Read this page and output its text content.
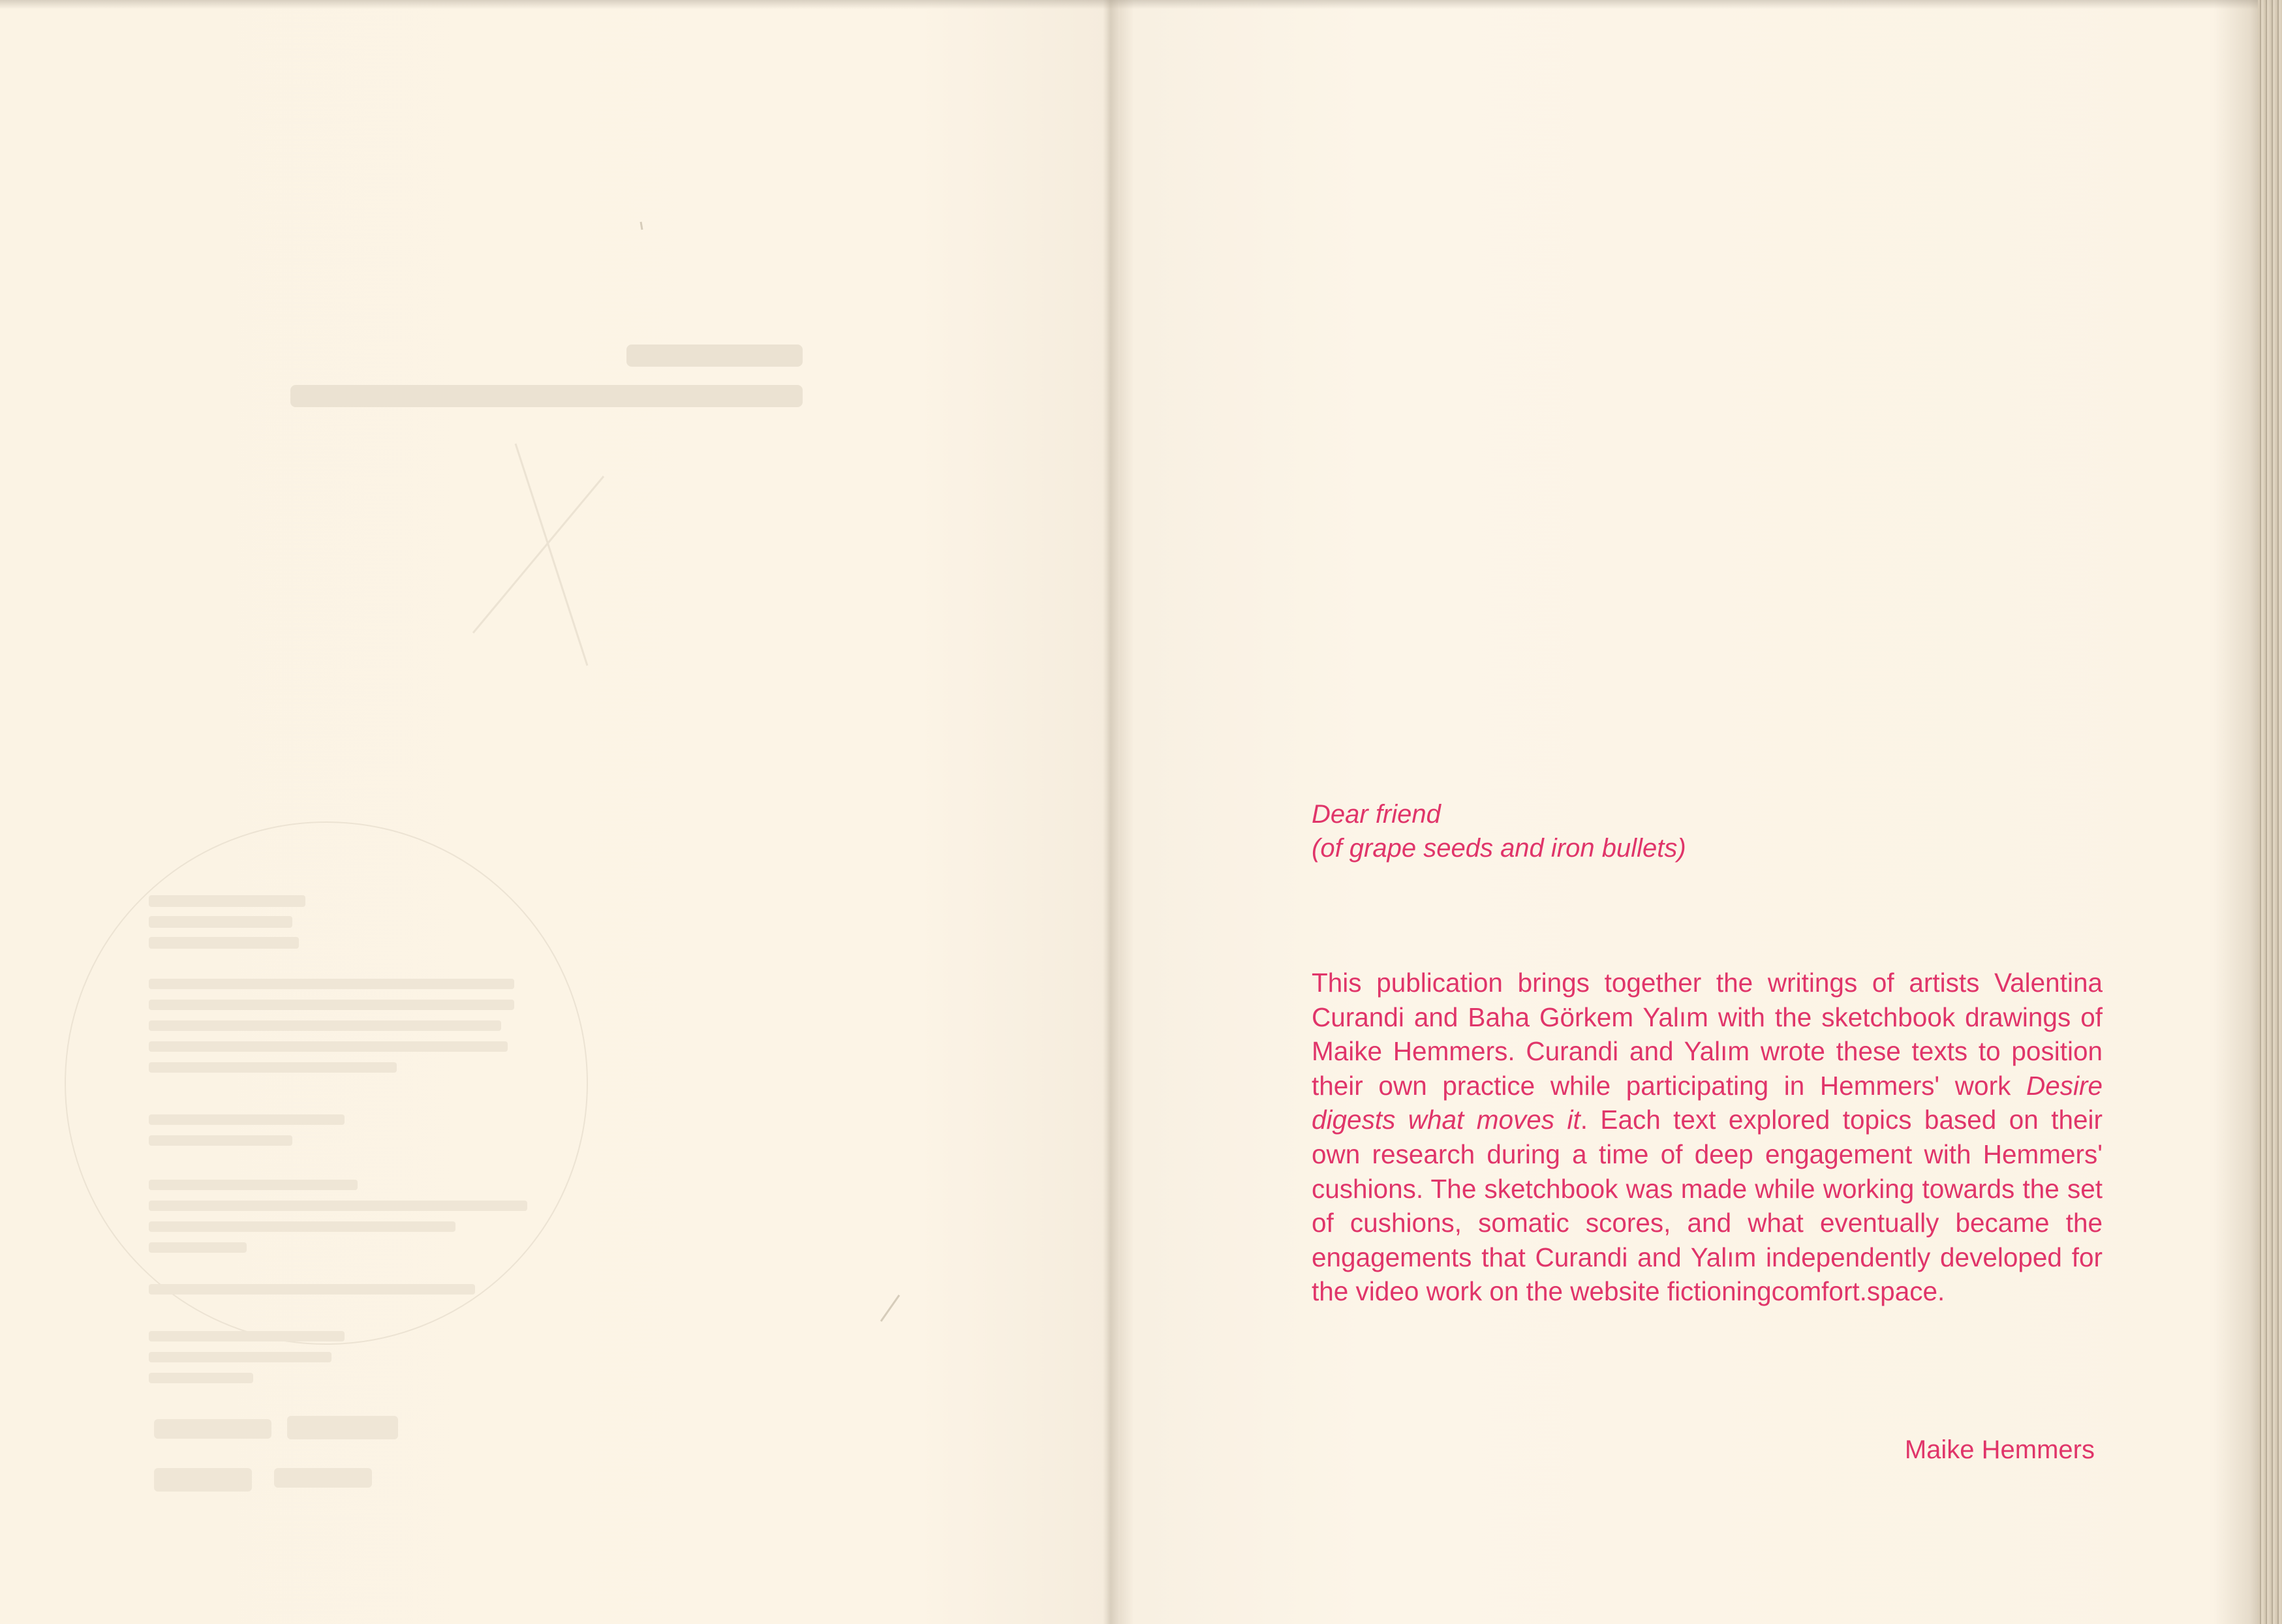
Dear friend
(of grape seeds and iron bullets)

This publication brings together the writings of artists Valentina Curandi and Baha Görkem Yalım with the sketchbook drawings of Maike Hemmers. Curandi and Yalım wrote these texts to position their own practice while participating in Hemmers' work Desire digests what moves it. Each text explored topics based on their own research during a time of deep engagement with Hemmers' cushions. The sketchbook was made while working towards the set of cushions, somatic scores, and what eventually became the engagements that Curandi and Yalım independently developed for the video work on the website fictioningcomfort.space.

Maike Hemmers
